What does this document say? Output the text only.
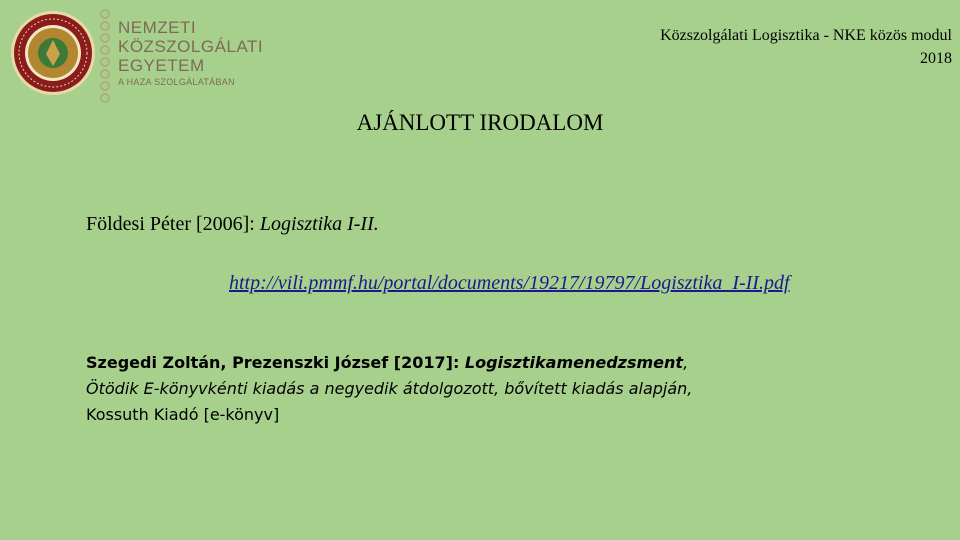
NEMZETI
KÖZSZOLGÁLATI
EGYETEM
A HAZA SZOLGÁLATÁBAN
Közszolgálati Logisztika - NKE közös modul
2018
AJÁNLOTT IRODALOM
Földesi Péter [2006]: Logisztika I-II.
http://vili.pmmf.hu/portal/documents/19217/19797/Logisztika_I-II.pdf
Szegedi Zoltán, Prezenszki József [2017]: Logisztikamenedzsment,
Ötödik E-könyvkénti kiadás a negyedik átdolgozott, bővített kiadás alapján,
Kossuth Kiadó [e-könyv]
